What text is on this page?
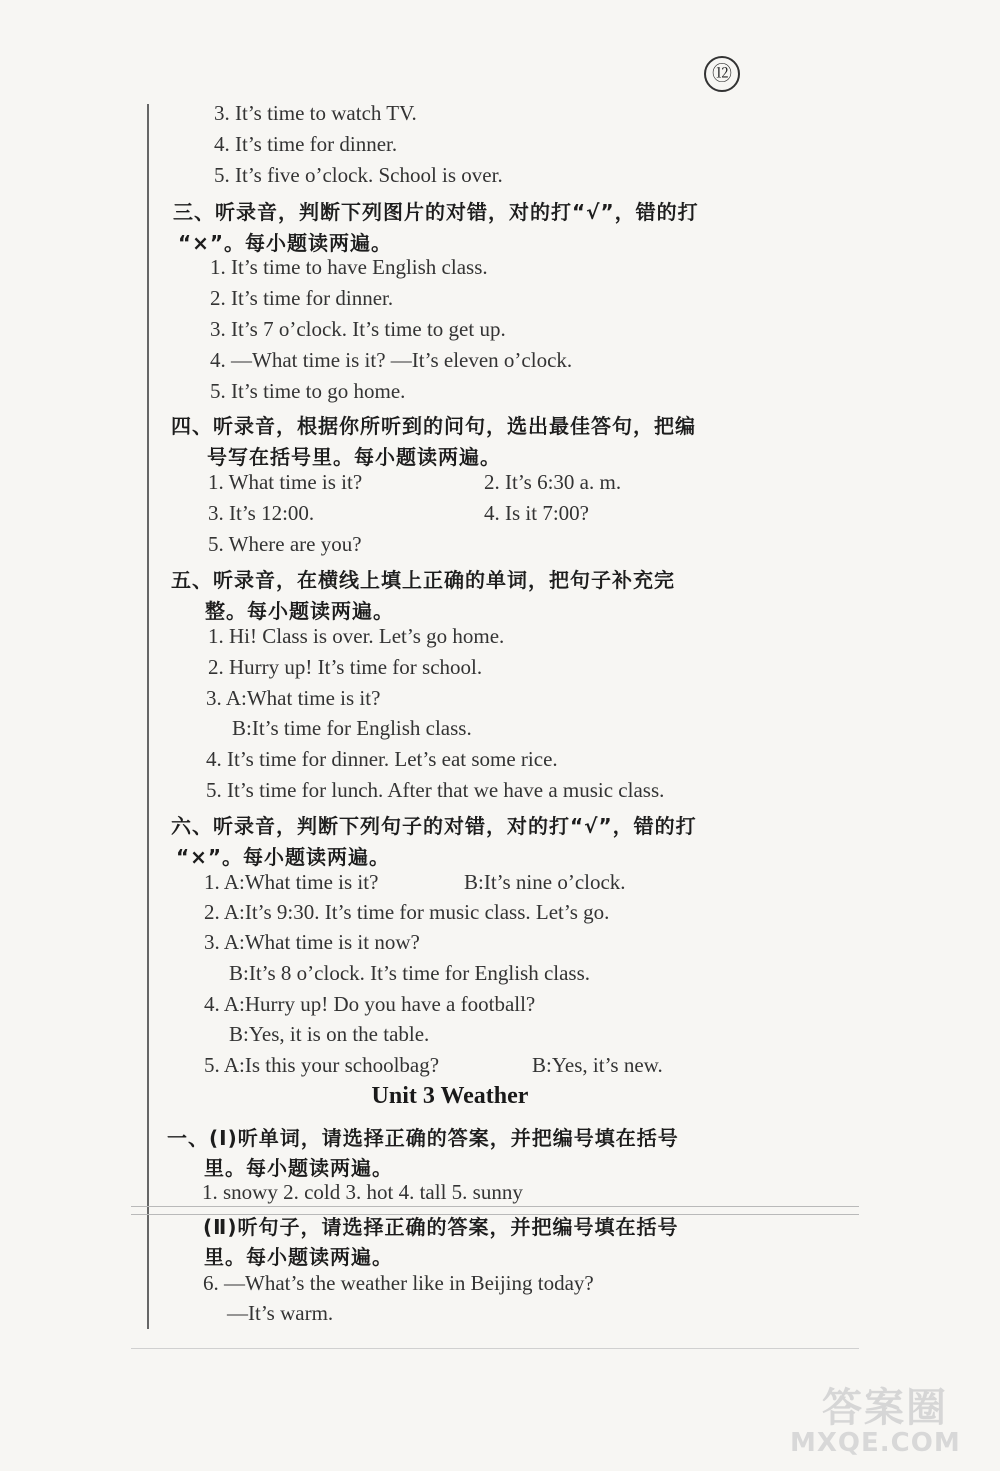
⑫
3. It’s time to watch TV.
4. It’s time for dinner.
5. It’s five o’clock. School is over.
三、听录音，判断下列图片的对错，对的打“√”，错的打
“×”。每小题读两遍。
1. It’s time to have English class.
2. It’s time for dinner.
3. It’s 7 o’clock. It’s time to get up.
4. —What time is it? —It’s eleven o’clock.
5. It’s time to go home.
四、听录音，根据你所听到的问句，选出最佳答句，把编
号写在括号里。每小题读两遍。
1. What time is it?	2. It’s 6:30 a. m.
3. It’s 12:00.	4. Is it 7:00?
5. Where are you?
五、听录音，在横线上填上正确的单词，把句子补充完
整。每小题读两遍。
1. Hi! Class is over. Let’s go home.
2. Hurry up! It’s time for school.
3. A:What time is it?
B:It’s time for English class.
4. It’s time for dinner. Let’s eat some rice.
5. It’s time for lunch. After that we have a music class.
六、听录音，判断下列句子的对错，对的打“√”，错的打
“×”。每小题读两遍。
1. A:What time is it?	B:It’s nine o’clock.
2. A:It’s 9:30. It’s time for music class. Let’s go.
3. A:What time is it now?
B:It’s 8 o’clock. It’s time for English class.
4. A:Hurry up! Do you have a football?
B:Yes, it is on the table.
5. A:Is this your schoolbag?	B:Yes, it’s new.
Unit 3 Weather
一、(Ⅰ)听单词，请选择正确的答案，并把编号填在括号
里。每小题读两遍。
1. snowy 2. cold 3. hot 4. tall 5. sunny
(Ⅱ)听句子，请选择正确的答案，并把编号填在括号
里。每小题读两遍。
6. —What’s the weather like in Beijing today?
—It’s warm.
答案圈
MXQE.COM
